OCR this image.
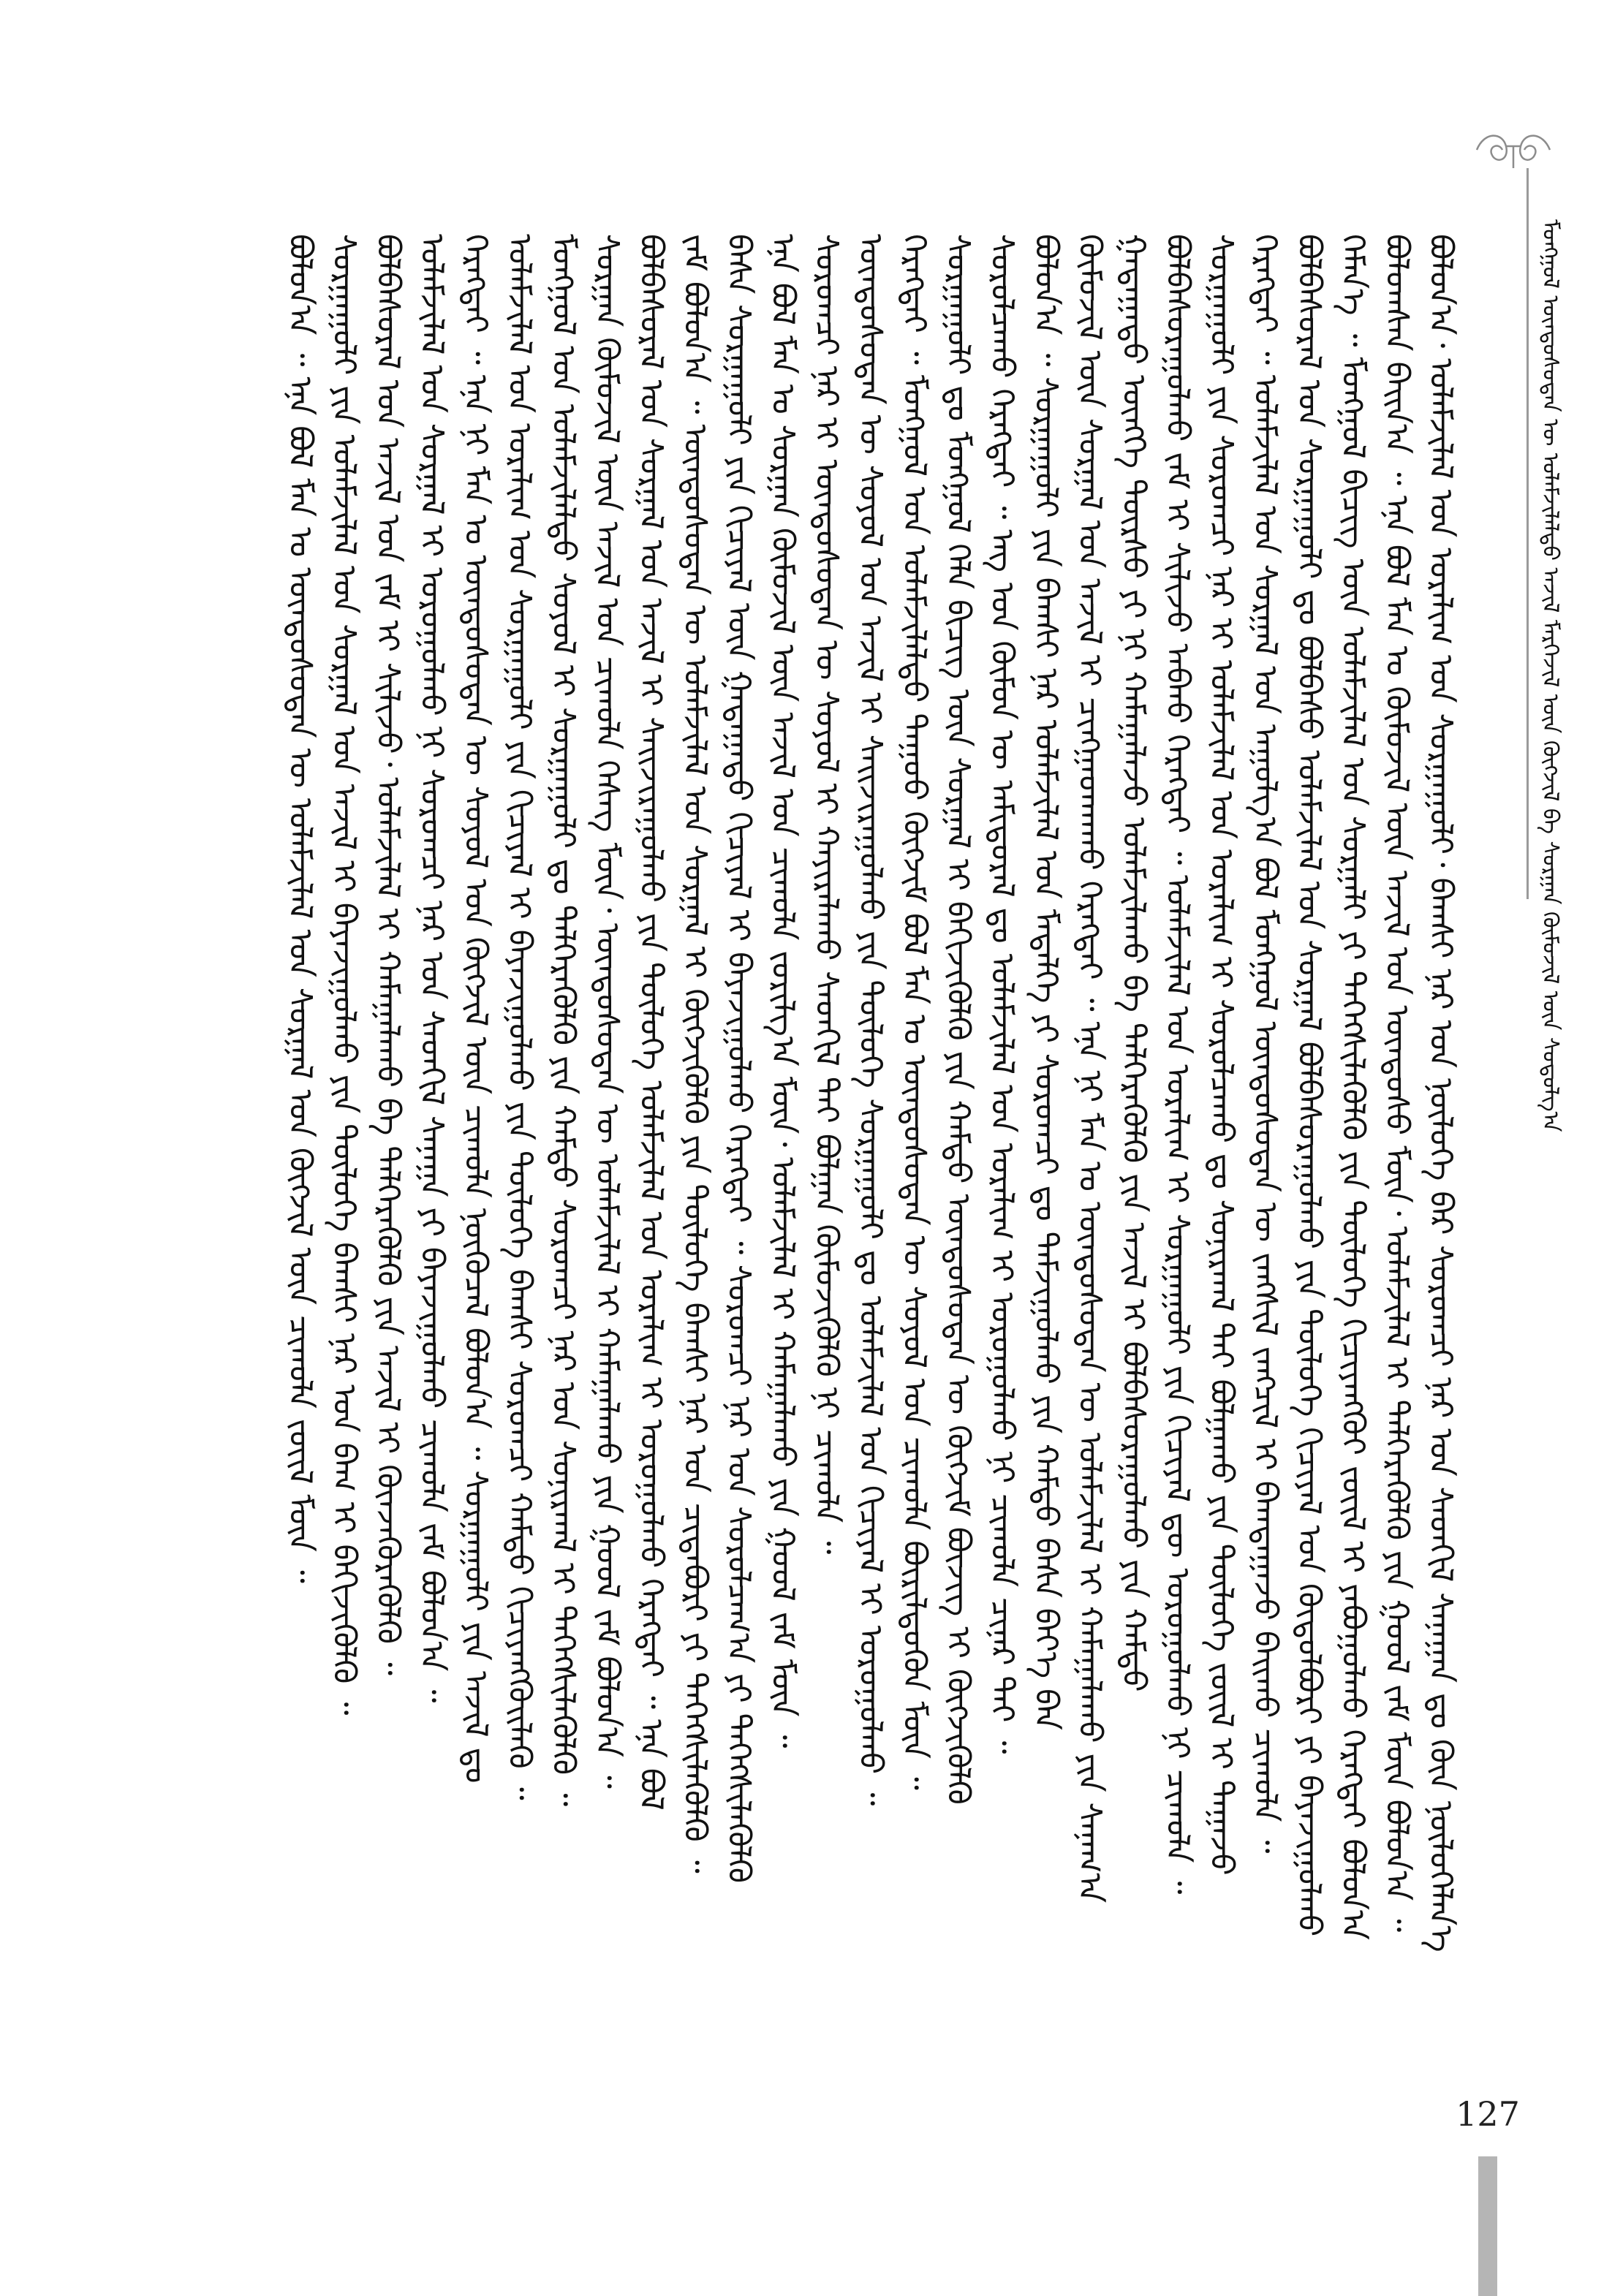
ᠮᠣᠩᠭᠣᠯ ᠦᠨᠳᠦᠰᠦᠲᠡᠨ ᠦ ᠤᠯᠠᠮᠵᠢᠯᠠᠯᠳᠤ ᠠᠵᠢᠯ ᠮᠡᠷᠭᠡᠵᠢᠯ ᠦᠨ ᠬᠥᠭᠵᠢᠯ ᠪᠠ ᠰᠤᠷᠭᠠᠨ ᠬᠥᠮᠦᠵᠢᠯ ᠦᠨ ᠰᠤᠳᠤᠯᠭ᠎ᠠ
ᠪᠣᠯᠣᠨ᠎ᠠ᠂ ᠤᠯᠠᠮᠵᠢᠯᠠᠯ ᠤᠨ ᠤᠷᠠᠯᠢᠭ ᠤᠨ ᠰᠤᠷᠭᠠᠭᠤᠯᠢ᠂ ᠪᠠᠭᠰᠢ ᠨᠠᠷ ᠤᠨ ᠨᠥᠯᠦᠭᠡ ᠪᠡᠷ ᠰᠤᠷᠤᠭᠴᠢ ᠨᠠᠷ ᠤᠨ ᠰᠡᠳᠭᠢᠯ ᠰᠠᠨᠠᠭᠠᠨ ᠳᠤ ᠭᠦᠨ ᠨᠥᠯᠦᠭᠡᠯᠡᠨ᠎ᠡ
ᠪᠣᠯᠣᠭᠰᠠᠨ ᠪᠠᠢᠨ᠎ᠠ ᠃ ᠡᠨᠡ ᠪᠣᠯ ᠮᠠᠨ ᠤ ᠬᠦᠮᠦᠵᠢᠯ ᠦᠨ ᠠᠵᠢᠯ ᠤᠨ ᠦᠨᠳᠦᠰᠦ ᠮᠥᠨ᠂ ᠤᠯᠠᠮᠵᠢᠯᠠᠯ ᠢ ᠳᠡᠯᠭᠡᠷᠡᠭᠦᠯᠬᠦ ᠶᠢᠨ ᠭᠣᠣᠯ ᠵᠠᠮ ᠮᠥᠨ ᠪᠣᠯᠣᠨ᠎ᠠ ᠃
ᠬᠡᠮᠡᠨ᠎ᠡ ᠃ ᠮᠣᠩᠭᠣᠯ ᠪᠢᠴᠢᠭ ᠦᠨ ᠤᠯᠠᠮᠵᠢᠯᠠᠯ ᠤᠨ ᠰᠤᠷᠭᠠᠯᠢ ᠶᠢ ᠳᠡᠭᠡᠭᠰᠢᠯᠡᠭᠦᠯᠬᠦ ᠶᠢᠨ ᠲᠥᠯᠦᠭᠡ ᠬᠢᠴᠢᠶᠡᠩᠭᠦᠢ ᠵᠦᠢᠯ ᠢ ᠶᠠᠪᠤᠭᠤᠯᠬᠤ ᠬᠡᠷᠡᠭᠲᠡᠢ ᠪᠣᠯᠣᠨ᠎ᠠ
ᠪᠣᠯᠪᠠᠰᠤᠷᠠᠯ ᠤᠨ ᠰᠤᠷᠭᠠᠭᠤᠯᠢ ᠳᠤ ᠪᠣᠯᠪᠠᠰᠤ ᠤᠯᠠᠮᠵᠢᠯᠠᠯ ᠤᠨ ᠰᠤᠷᠭᠠᠯ ᠪᠣᠯᠪᠠᠰᠤᠷᠠᠭᠤᠯᠬᠤ ᠶᠢᠨ ᠲᠥᠯᠦᠭᠡ ᠬᠢᠴᠢᠶᠡᠯ ᠤᠨ ᠬᠥᠲᠥᠯᠪᠦᠷᠢ ᠶᠢ ᠪᠠᠶᠠᠵᠢᠭᠤᠯᠬᠤ
ᠬᠡᠷᠡᠭᠲᠡᠢ ᠃ ᠤᠯᠠᠮᠵᠢᠯᠠᠯ ᠤᠨ ᠰᠤᠷᠭᠠᠯ ᠤᠨ ᠠᠭᠤᠯᠭ᠎ᠠ ᠪᠣᠯ ᠮᠣᠩᠭᠣᠯ ᠦᠨᠳᠦᠰᠦᠲᠡᠨ ᠦ ᠵᠠᠩᠱᠢᠯ ᠵᠠᠩᠴᠢᠯ ᠢ ᠪᠠᠭᠳᠠᠭᠠᠵᠤ ᠪᠠᠢᠬᠤ ᠴᠢᠬᠤᠯᠠ ᠃
ᠰᠤᠷᠭᠠᠭᠤᠯᠢ ᠶᠢᠨ ᠰᠤᠷᠤᠭᠴᠢ ᠨᠠᠷ ᠢ ᠤᠯᠠᠮᠵᠢᠯᠠᠯ ᠤᠨ ᠤᠷᠠᠯᠢᠭ ᠢ ᠰᠤᠷᠤᠯᠴᠠᠬᠤ ᠳᠤ ᠰᠣᠨᠢᠷᠬᠠᠯ ᠲᠠᠢ ᠪᠣᠯᠭᠠᠬᠤ ᠶᠢᠨ ᠲᠥᠯᠦᠭᠡ ᠵᠦᠢᠯ ᠢ ᠳᠠᠭᠠᠵᠤ
ᠪᠣᠯᠪᠠᠰᠤᠷᠠᠭᠤᠯᠬᠤ ᠵᠠᠮ ᠢ ᠰᠢᠯᠢᠵᠤ ᠠᠪᠬᠤ ᠬᠡᠷᠡᠭᠲᠡᠢ ᠃ ᠤᠯᠠᠮᠵᠢᠯᠠᠯ ᠤᠨ ᠤᠷᠠᠯᠢᠭ ᠢ ᠰᠤᠷᠭᠠᠭᠤᠯᠢ ᠶᠢᠨ ᠬᠢᠴᠢᠶᠡᠯ ᠳᠦ ᠣᠷᠣᠭᠤᠯᠬᠤ ᠨᠢ ᠴᠢᠬᠤᠯᠠ ᠃
ᠭᠠᠳᠠᠭᠠᠳᠤ ᠥᠩᠭᠡ ᠳᠦᠷᠰᠦ ᠶᠢ ᠨᠢ ᠬᠠᠮᠠᠭᠠᠯᠠᠵᠤ ᠤᠯᠠᠮᠵᠢᠯᠠᠬᠤ ᠪᠠ ᠳᠡᠯᠭᠡᠷᠡᠭᠦᠯᠬᠦ ᠶᠢᠨ ᠠᠵᠢᠯ ᠢ ᠪᠣᠯᠪᠠᠰᠤᠷᠠᠭᠤᠯᠬᠤ ᠶᠢᠨ ᠬᠠᠮᠲᠤ
ᠬᠥᠮᠦᠵᠢᠯ ᠦᠨ ᠰᠤᠷᠭᠠᠯ ᠤᠨ ᠠᠵᠢᠯ ᠢ ᠴᠢᠩᠭᠠᠳᠬᠠᠬᠤ ᠬᠡᠷᠡᠭᠲᠡᠢ ᠃ ᠡᠨᠡ ᠨᠢ ᠮᠠᠨ ᠤ ᠦᠨᠳᠦᠰᠦᠲᠡᠨ ᠦ ᠤᠯᠠᠮᠵᠢᠯᠠᠯ ᠢ ᠬᠠᠮᠠᠭᠠᠯᠠᠬᠤ ᠶᠢᠨ ᠰᠠᠨᠠᠭ᠎ᠠ
ᠪᠣᠯᠣᠨ᠎ᠠ ᠃ ᠰᠤᠷᠭᠠᠭᠤᠯᠢ ᠶᠢᠨ ᠪᠠᠭᠰᠢ ᠨᠠᠷ ᠤᠯᠠᠮᠵᠢᠯᠠᠯ ᠤᠨ ᠮᠡᠳᠡᠯᠭᠡ ᠶᠢ ᠰᠤᠷᠤᠭᠴᠢ ᠳᠤ ᠳᠠᠮᠵᠢᠭᠤᠯᠬᠤ ᠶᠢᠨ ᠬᠠᠮᠲᠤ ᠪᠠᠰᠠ ᠪᠡᠶ᠎ᠡ ᠪᠡᠨ
ᠰᠤᠷᠤᠯᠴᠠᠬᠤ ᠬᠡᠷᠡᠭᠲᠡᠢ ᠃ ᠡᠩ ᠤᠨ ᠬᠦᠮᠦᠨ ᠦ ᠠᠮᠢᠳᠤᠷᠠᠯ ᠳᠤ ᠤᠯᠠᠮᠵᠢᠯᠠᠯ ᠤᠨ ᠤᠷᠠᠯᠢᠭ ᠢ ᠣᠷᠣᠭᠤᠯᠬᠤ ᠨᠢ ᠴᠢᠬᠤᠯᠠ ᠴᠢᠨᠠᠷ ᠲᠠᠢ ᠃
ᠰᠤᠷᠭᠠᠭᠤᠯᠢ ᠳᠤ ᠮᠣᠩᠭᠣᠯ ᠬᠡᠯᠡ ᠪᠢᠴᠢᠭ ᠦᠨ ᠰᠤᠷᠭᠠᠯ ᠢ ᠪᠡᠬᠢᠵᠢᠭᠦᠯᠬᠦ ᠶᠢᠨ ᠬᠠᠮᠲᠤ ᠦᠨᠳᠦᠰᠦᠲᠡᠨ ᠦ ᠬᠥᠭᠵᠢᠮ ᠪᠦᠵᠢᠭ ᠢ ᠬᠥᠭᠵᠢᠭᠦᠯᠬᠦ
ᠬᠡᠷᠡᠭᠲᠡᠢ ᠃ ᠮᠣᠩᠭᠣᠯ ᠤᠨ ᠤᠯᠠᠮᠵᠢᠯᠠᠯᠳᠤ ᠲᠠᠭᠤᠤ ᠬᠥᠭᠵᠢᠮ ᠪᠣᠯ ᠮᠠᠨ ᠤ ᠦᠨᠳᠦᠰᠦᠲᠡᠨ ᠦ ᠰᠣᠶᠤᠯ ᠤᠨ ᠴᠢᠬᠤᠯᠠ ᠪᠦᠷᠢᠯᠳᠦᠬᠦᠨ ᠮᠥᠨ ᠃
ᠦᠨᠳᠦᠰᠦᠲᠡᠨ ᠦ ᠰᠣᠶᠤᠯ ᠤᠨ ᠠᠵᠢᠯ ᠢ ᠰᠠᠢᠵᠢᠷᠠᠭᠤᠯᠬᠤ ᠶᠢᠨ ᠲᠥᠯᠦᠭᠡ ᠰᠤᠷᠭᠠᠭᠤᠯᠢ ᠳᠤ ᠤᠯᠠᠮᠵᠢᠯᠠᠯ ᠤᠨ ᠬᠢᠴᠢᠶᠡᠯ ᠢ ᠣᠷᠣᠭᠤᠯᠬᠤ ᠃
ᠰᠤᠷᠤᠭᠴᠢ ᠨᠠᠷ ᠢ ᠦᠨᠳᠦᠰᠦᠲᠡᠨ ᠦ ᠰᠣᠶᠤᠯ ᠢ ᠬᠠᠶᠢᠷᠠᠯᠠᠬᠤ ᠰᠡᠳᠬᠢᠯ ᠲᠠᠢ ᠪᠣᠯᠭᠠᠨ ᠬᠦᠮᠦᠵᠢᠭᠦᠯᠬᠦ ᠨᠢ ᠴᠢᠬᠤᠯᠠ ᠃
ᠡᠨᠡ ᠪᠣᠯ ᠮᠠᠨ ᠤ ᠰᠤᠷᠭᠠᠨ ᠬᠦᠮᠦᠵᠢᠯ ᠦᠨ ᠠᠵᠢᠯ ᠤᠨ ᠴᠢᠬᠤᠯᠠ ᠵᠣᠷᠢᠯᠭ᠎ᠠ ᠮᠥᠨ᠂ ᠤᠯᠠᠮᠵᠢᠯᠠᠯ ᠢ ᠬᠠᠮᠠᠭᠠᠯᠠᠬᠤ ᠶᠢᠨ ᠭᠣᠣᠯ ᠵᠠᠮ ᠮᠥᠨ ᠃
ᠪᠠᠰᠠ ᠰᠤᠷᠭᠠᠭᠤᠯᠢ ᠶᠢᠨ ᠬᠢᠴᠢᠶᠡᠯ ᠦᠨ ᠭᠠᠳᠠᠭᠠᠳᠤ ᠬᠢᠴᠢᠶᠡᠯ ᠢ ᠪᠠᠶᠠᠵᠢᠭᠤᠯᠬᠤ ᠬᠡᠷᠡᠭᠲᠡᠢ ᠃ ᠰᠤᠷᠤᠭᠴᠢ ᠨᠠᠷ ᠤᠨ ᠰᠤᠷᠤᠯᠴᠠᠭ᠎ᠠ ᠶᠢ ᠳᠡᠭᠡᠭᠰᠢᠯᠡᠭᠦᠯᠬᠦ
ᠵᠠᠮ ᠪᠣᠯᠣᠨ᠎ᠠ ᠃ ᠦᠨᠳᠦᠰᠦᠲᠡᠨ ᠦ ᠤᠯᠠᠮᠵᠢᠯᠠᠯ ᠤᠨ ᠰᠤᠷᠭᠠᠯ ᠢ ᠬᠥᠭᠵᠢᠭᠦᠯᠬᠦ ᠶᠢᠨ ᠲᠥᠯᠦᠭᠡ ᠪᠠᠭᠰᠢ ᠨᠠᠷ ᠤᠨ ᠴᠢᠳᠠᠪᠤᠷᠢ ᠶᠢ ᠳᠡᠭᠡᠭᠰᠢᠯᠡᠭᠦᠯᠬᠦ ᠃
ᠪᠣᠯᠪᠠᠰᠤᠷᠠᠯ ᠤᠨ ᠰᠤᠷᠭᠠᠯ ᠤᠨ ᠠᠵᠢᠯ ᠢ ᠰᠠᠢᠵᠢᠷᠠᠭᠤᠯᠬᠤ ᠶᠢᠨ ᠲᠥᠯᠦᠭᠡ ᠤᠯᠠᠮᠵᠢᠯᠠᠯ ᠤᠨ ᠤᠷᠠᠯᠢᠭ ᠢ ᠣᠷᠣᠭᠤᠯᠬᠤ ᠬᠡᠷᠡᠭᠲᠡᠢ ᠃ ᠡᠨᠡ ᠪᠣᠯ
ᠰᠤᠷᠭᠠᠨ ᠬᠦᠮᠦᠵᠢᠯ ᠦᠨ ᠠᠵᠢᠯ ᠤᠨ ᠴᠢᠬᠤᠯᠠ ᠬᠡᠰᠡᠭ ᠮᠥᠨ᠂ ᠦᠨᠳᠦᠰᠦᠲᠡᠨ ᠦ ᠤᠯᠠᠮᠵᠢᠯᠠᠯ ᠢ ᠬᠠᠮᠠᠭᠠᠯᠠᠬᠤ ᠶᠢᠨ ᠭᠣᠣᠯ ᠵᠠᠮ ᠪᠣᠯᠣᠨ᠎ᠠ ᠃
ᠮᠣᠩᠭᠣᠯ ᠤᠨ ᠤᠯᠠᠮᠵᠢᠯᠠᠯᠳᠤ ᠰᠣᠶᠤᠯ ᠢ ᠰᠤᠷᠭᠠᠭᠤᠯᠢ ᠳᠤ ᠳᠡᠯᠭᠡᠷᠡᠭᠦᠯᠬᠦ ᠶᠢᠨ ᠬᠠᠮᠲᠤ ᠰᠤᠷᠤᠭᠴᠢ ᠨᠠᠷ ᠤᠨ ᠰᠣᠨᠢᠷᠬᠠᠯ ᠢ ᠳᠡᠭᠡᠭᠰᠢᠯᠡᠭᠦᠯᠬᠦ ᠃
ᠤᠯᠠᠮᠵᠢᠯᠠᠯ ᠤᠨ ᠤᠷᠠᠯᠢᠭ ᠤᠨ ᠰᠤᠷᠭᠠᠭᠤᠯᠢ ᠶᠢᠨ ᠬᠢᠴᠢᠶᠡᠯ ᠢ ᠪᠠᠶᠠᠵᠢᠭᠤᠯᠬᠤ ᠶᠢᠨ ᠲᠥᠯᠦᠭᠡ ᠪᠠᠭᠰᠢ ᠰᠤᠷᠤᠭᠴᠢ ᠬᠠᠮᠲᠤ ᠬᠢᠴᠢᠶᠡᠩᠭᠦᠢᠯᠡᠬᠦ ᠃
ᠬᠡᠷᠡᠭᠲᠡᠢ ᠃ ᠡᠨᠡ ᠨᠢ ᠮᠠᠨ ᠤ ᠦᠨᠳᠦᠰᠦᠲᠡᠨ ᠦ ᠰᠣᠶᠤᠯ ᠤᠨ ᠬᠥᠭᠵᠢᠯ ᠦᠨ ᠴᠢᠬᠤᠯᠠ ᠨᠥᠬᠦᠴᠡᠯ ᠪᠣᠯᠣᠨ᠎ᠠ ᠃ ᠰᠤᠷᠭᠠᠭᠤᠯᠢ ᠶᠢᠨ ᠠᠵᠢᠯ ᠳᠤ
ᠤᠯᠠᠮᠵᠢᠯᠠᠯ ᠤᠨ ᠰᠤᠷᠭᠠᠯ ᠢ ᠣᠷᠣᠭᠤᠯᠬᠤ ᠨᠢ ᠰᠤᠷᠤᠭᠴᠢ ᠨᠠᠷ ᠤᠨ ᠰᠡᠳᠬᠢᠯ ᠰᠠᠨᠠᠭᠠ ᠶᠢ ᠪᠠᠶᠠᠵᠢᠭᠤᠯᠬᠤ ᠴᠢᠬᠤᠯᠠ ᠵᠠᠮ ᠪᠣᠯᠣᠨ᠎ᠠ ᠃
ᠪᠣᠯᠪᠠᠰᠤᠷᠠᠯ ᠤᠨ ᠠᠵᠢᠯ ᠤᠨ ᠵᠠᠮ ᠢ ᠰᠢᠯᠢᠵᠤ᠂ ᠤᠯᠠᠮᠵᠢᠯᠠᠯ ᠢ ᠬᠠᠮᠠᠭᠠᠯᠠᠬᠤ ᠪᠠ ᠳᠡᠯᠭᠡᠷᠡᠭᠦᠯᠬᠦ ᠶᠢᠨ ᠠᠵᠢᠯ ᠢ ᠭᠦᠨᠵᠡᠭᠦᠷᠡᠭᠦᠯᠬᠦ ᠃
ᠰᠤᠷᠭᠠᠭᠤᠯᠢ ᠶᠢᠨ ᠤᠯᠠᠮᠵᠢᠯᠠᠯ ᠤᠨ ᠰᠤᠷᠭᠠᠯ ᠤᠨ ᠠᠵᠢᠯ ᠢ ᠪᠠᠶᠠᠵᠢᠭᠤᠯᠬᠤ ᠶᠢᠨ ᠲᠥᠯᠦᠭᠡ ᠪᠠᠭᠰᠢ ᠨᠠᠷ ᠤᠨ ᠪᠠᠭ ᠢ ᠪᠡᠬᠢᠵᠢᠭᠦᠯᠬᠦ ᠃
ᠪᠣᠯᠣᠨ᠎ᠠ ᠃ ᠡᠨᠡ ᠪᠣᠯ ᠮᠠᠨ ᠤ ᠦᠨᠳᠦᠰᠦᠲᠡᠨ ᠦ ᠤᠯᠠᠮᠵᠢᠯᠠᠯ ᠤᠨ ᠰᠤᠷᠭᠠᠯ ᠤᠨ ᠬᠥᠭᠵᠢᠯ ᠦᠨ ᠴᠢᠬᠤᠯᠠ ᠵᠦᠢᠯ ᠮᠥᠨ ᠃
127
